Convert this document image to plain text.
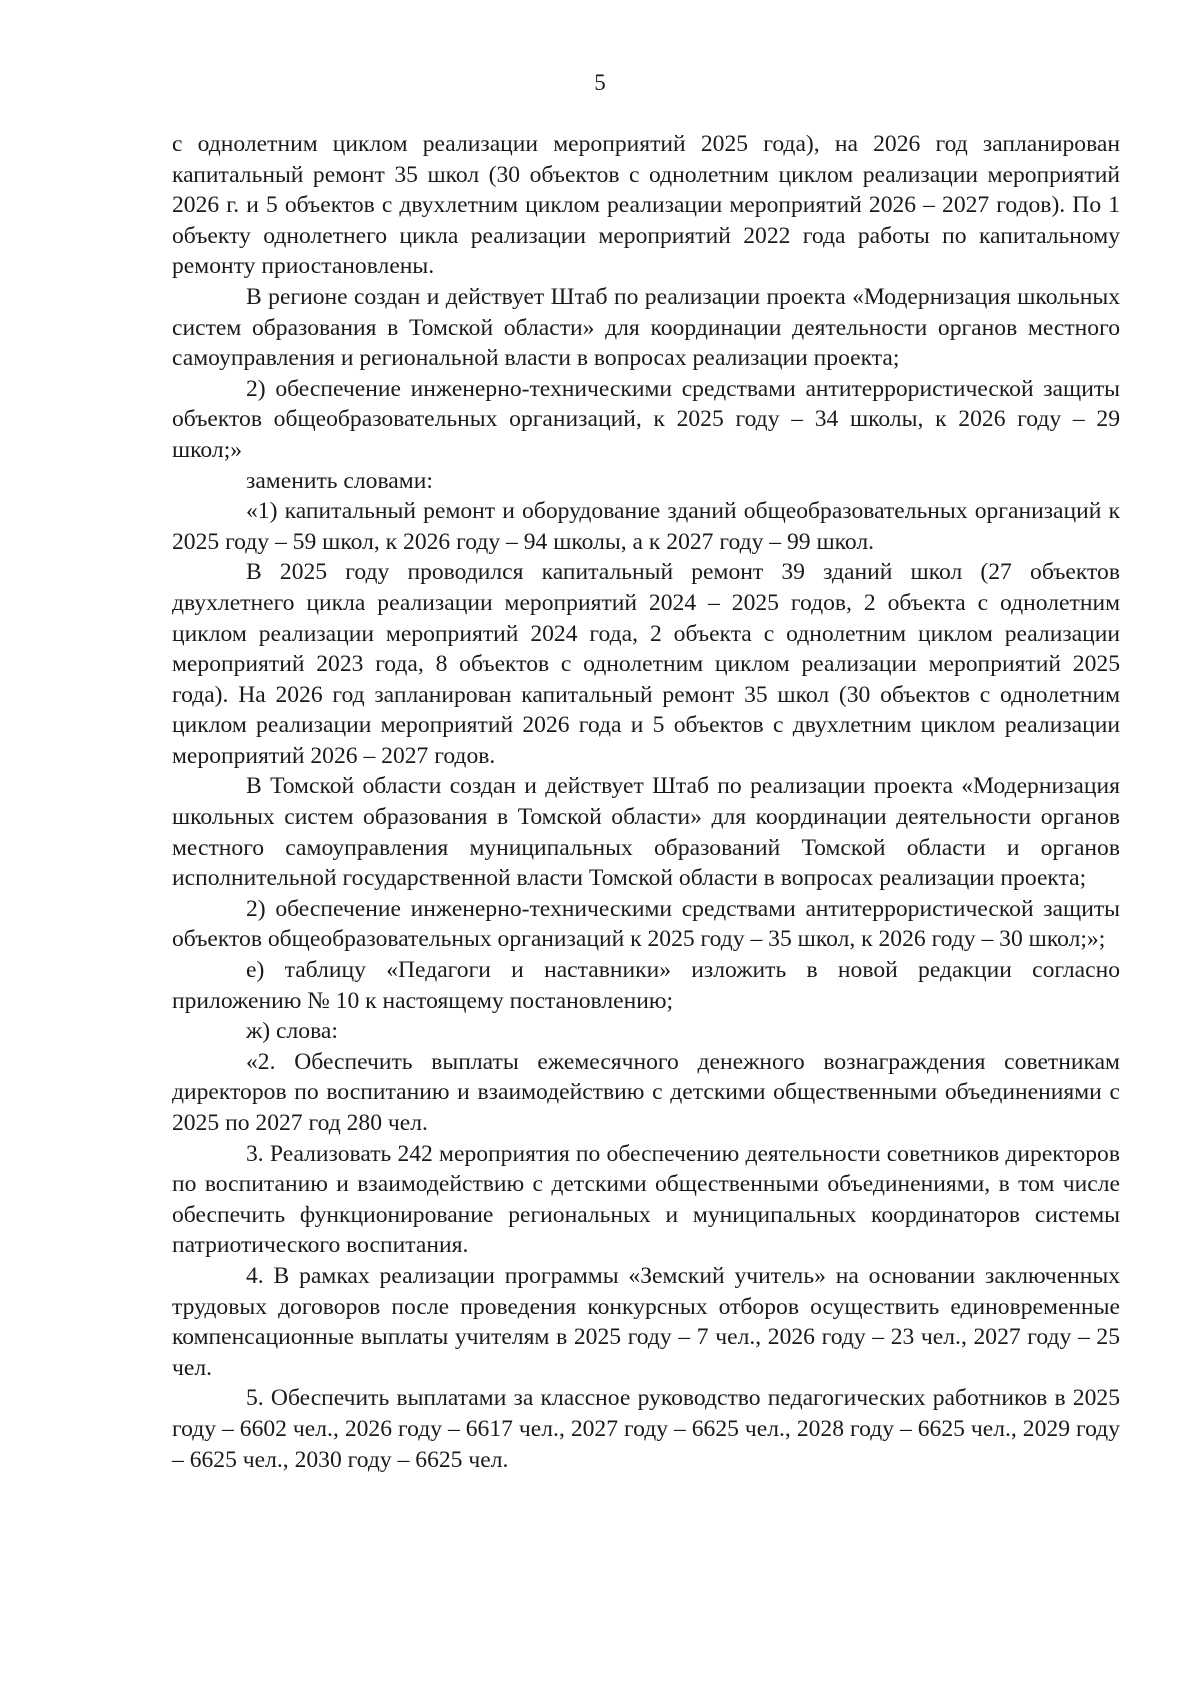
5

с однолетним циклом реализации мероприятий 2025 года), на 2026 год запланирован капитальный ремонт 35 школ (30 объектов с однолетним циклом реализации мероприятий 2026 г. и 5 объектов с двухлетним циклом реализации мероприятий 2026 – 2027 годов). По 1 объекту однолетнего цикла реализации мероприятий 2022 года работы по капитальному ремонту приостановлены.

В регионе создан и действует Штаб по реализации проекта «Модернизация школьных систем образования в Томской области» для координации деятельности органов местного самоуправления и региональной власти в вопросах реализации проекта;

2) обеспечение инженерно-техническими средствами антитеррористической защиты объектов общеобразовательных организаций, к 2025 году – 34 школы, к 2026 году – 29 школ;»

заменить словами:

«1) капитальный ремонт и оборудование зданий общеобразовательных организаций к 2025 году – 59 школ, к 2026 году – 94 школы, а к 2027 году – 99 школ.

В 2025 году проводился капитальный ремонт 39 зданий школ (27 объектов двухлетнего цикла реализации мероприятий 2024 – 2025 годов, 2 объекта с однолетним циклом реализации мероприятий 2024 года, 2 объекта с однолетним циклом реализации мероприятий 2023 года, 8 объектов с однолетним циклом реализации мероприятий 2025 года). На 2026 год запланирован капитальный ремонт 35 школ (30 объектов с однолетним циклом реализации мероприятий 2026 года и 5 объектов с двухлетним циклом реализации мероприятий 2026 – 2027 годов.

В Томской области создан и действует Штаб по реализации проекта «Модернизация школьных систем образования в Томской области» для координации деятельности органов местного самоуправления муниципальных образований Томской области и органов исполнительной государственной власти Томской области в вопросах реализации проекта;

2) обеспечение инженерно-техническими средствами антитеррористической защиты объектов общеобразовательных организаций к 2025 году – 35 школ, к 2026 году – 30 школ;»;

е) таблицу «Педагоги и наставники» изложить в новой редакции согласно приложению № 10 к настоящему постановлению;

ж) слова:

«2. Обеспечить выплаты ежемесячного денежного вознаграждения советникам директоров по воспитанию и взаимодействию с детскими общественными объединениями с 2025 по 2027 год 280 чел.

3. Реализовать 242 мероприятия по обеспечению деятельности советников директоров по воспитанию и взаимодействию с детскими общественными объединениями, в том числе обеспечить функционирование региональных и муниципальных координаторов системы патриотического воспитания.

4. В рамках реализации программы «Земский учитель» на основании заключенных трудовых договоров после проведения конкурсных отборов осуществить единовременные компенсационные выплаты учителям в 2025 году – 7 чел., 2026 году – 23 чел., 2027 году – 25 чел.

5. Обеспечить выплатами за классное руководство педагогических работников в 2025 году – 6602 чел., 2026 году – 6617 чел., 2027 году – 6625 чел., 2028 году – 6625 чел., 2029 году – 6625 чел., 2030 году – 6625 чел.
